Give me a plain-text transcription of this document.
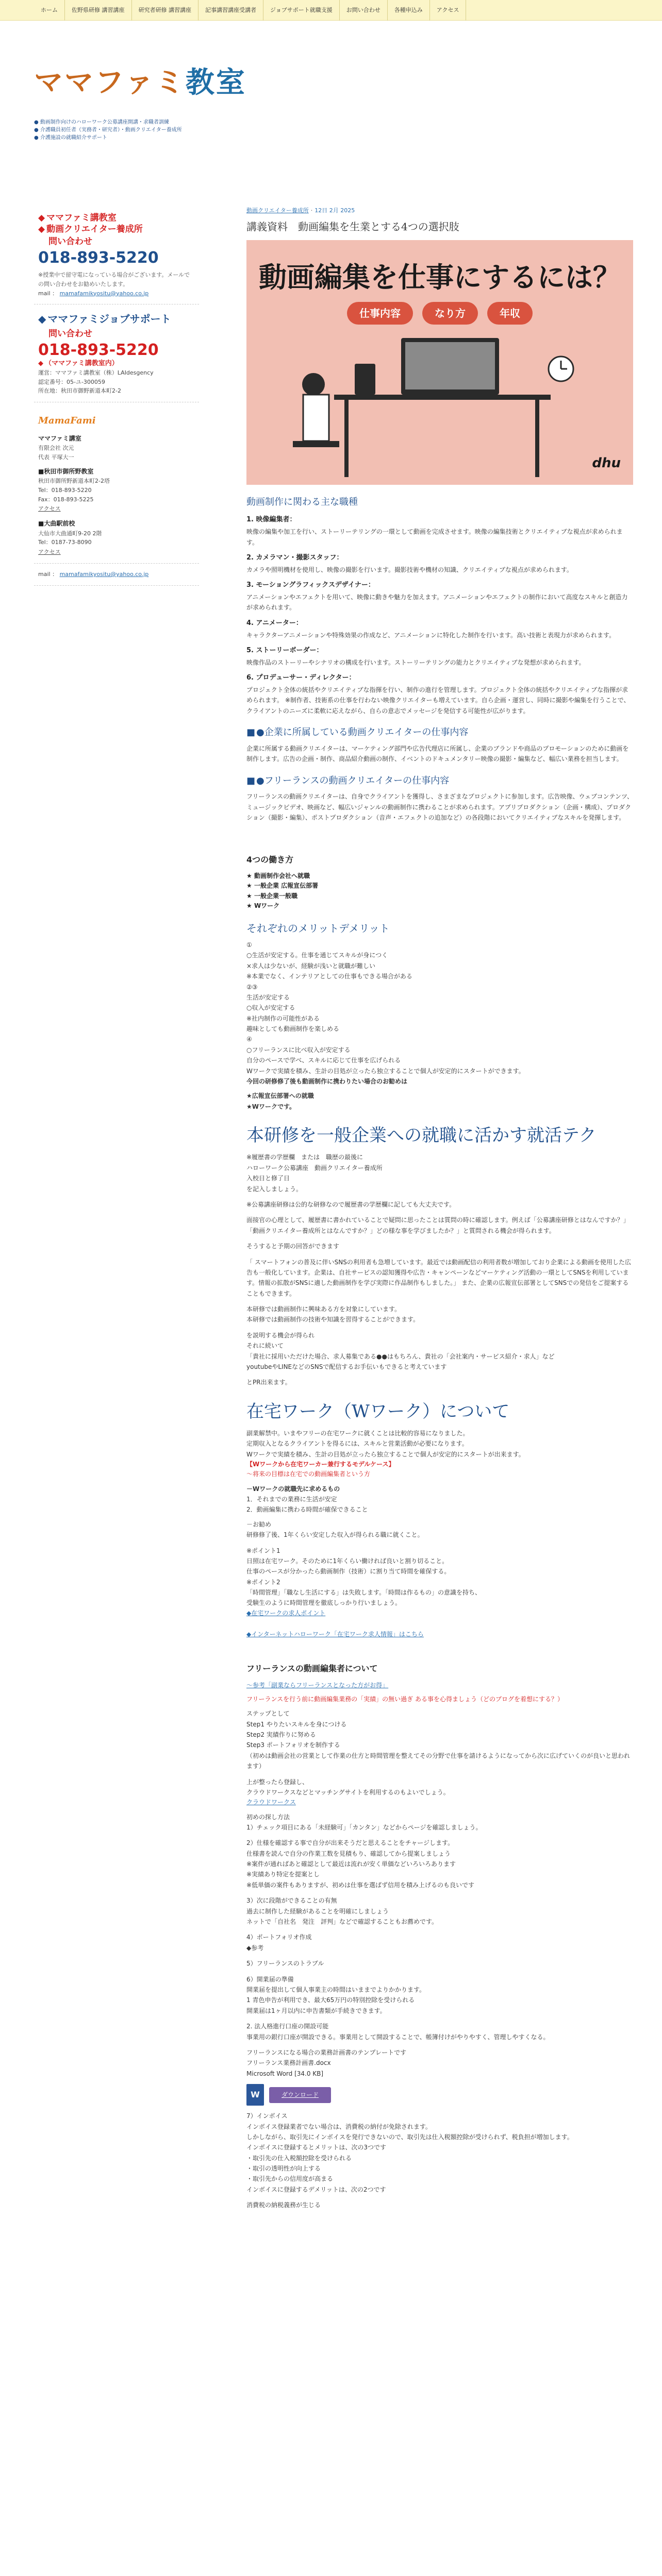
ホーム	佐野県研修 講習講座	研究者研修 講習講座	記事講習講座受講者	ジョブサポート就職支援	お問い合わせ	各種申込み	アクセス
ママファミ教室
● 動画制作向けのハローワーク公募講座開講・求職者訓練
● 介護職員初任者（実務者・研究者）・動画クリエイター養成所
● 介護施設の就職紹介サポート
◆ ママファミ講教室
◆ 動画クリエイター養成所
問い合わせ
018-893-5220
※授業中で留守電になっている場合がございます。メールでの問い合わせをお勧めいたします。
mail ： mamafamikyositu@yahoo.co.jp
◆ ママファミジョブサポート
問い合わせ
018-893-5220
◆ （ママファミ講教室内）
運営：ママファミ講教室（株）LAIdesgency
認定番号：05-ユ-300059
所在地：秋田市御野新道本町2-2
MamaFami
ママファミ講室
有限会社 次元
代表 平塚大一
■秋田市御所野教室
秋田市御所野新道本町2-2塔
Tel：018-893-5220
Fax：018-893-5225
アクセス
■大曲駅前校
大仙市大曲通町9-20 2階
Tel：0187-73-8090
アクセス
mail ： mamafamikyositu@yahoo.co.jp
動画クリエイター養成所 · 12日 2月 2025
講義資料　動画編集を生業とする4つの選択肢
動画編集を仕事にするには？
仕事内容	なり方	年収
dhu
動画制作に関わる主な職種
1. 映像編集者：
映像の編集や加工を行い、ストーリーテリングの一環として動画を完成させます。映像の編集技術とクリエイティブな視点が求められます。
2. カメラマン・撮影スタッフ：
カメラや照明機材を使用し、映像の撮影を行います。撮影技術や機材の知識、クリエイティブな視点が求められます。
3. モーショングラフィックスデザイナー：
アニメーションやエフェクトを用いて、映像に動きや魅力を加えます。アニメーションやエフェクトの制作において高度なスキルと創造力が求められます。
4. アニメーター：
キャラクターアニメーションや特殊効果の作成など、アニメーションに特化した制作を行います。高い技術と表現力が求められます。
5. ストーリーボーダー：
映像作品のストーリーやシナリオの構成を行います。ストーリーテリングの能力とクリエイティブな発想が求められます。
6. プロデューサー・ディレクター：
プロジェクト全体の統括やクリエイティブな指揮を行い、制作の進行を管理します。プロジェクト全体の統括やクリエイティブな指揮が求められます。 ※制作者、技術系の仕事を行わない映像クリエイターも増えています。自ら企画・運営し、同時に撮影や編集を行うことで、クライアントのニーズに柔軟に応えながら、自らの意志でメッセージを発信する可能性が広がります。
■ ●企業に所属している動画クリエイターの仕事内容
企業に所属する動画クリエイターは、マーケティング部門や広告代理店に所属し、企業のブランドや商品のプロモーションのために動画を制作します。広告の企画・制作、商品紹介動画の制作、イベントのドキュメンタリー映像の撮影・編集など、幅広い業務を担当します。
■ ●フリーランスの動画クリエイターの仕事内容
フリーランスの動画クリエイターは、自身でクライアントを獲得し、さまざまなプロジェクトに参加します。広告映像、ウェブコンテンツ、ミュージックビデオ、映画など、幅広いジャンルの動画制作に携わることが求められます。アプリプロダクション（企画・構成）、プロダクション（撮影・編集）、ポストプロダクション（音声・エフェクトの追加など）の各段階においてクリエイティブなスキルを発揮します。
4つの働き方
★ 動画制作会社へ就職
★ 一般企業 広報宣伝部署
★ 一般企業一般職
★ Wワーク
それぞれのメリットデメリット
①
○生活が安定する。仕事を通じてスキルが身につく
×求人は少ないが、経験が浅いと就職が難しい
※本業でなく、インテリアとしての仕事もできる場合がある
②③
生活が安定する
○収入が安定する
※社内制作の可能性がある
趣味としても動画制作を楽しめる
④
○フリーランスに比べ収入が安定する
自分のペースで学べ、スキルに応じて仕事を広げられる
Wワークで実績を積み、生計の目処が立ったら独立することで個人が安定的にスタートができます。
今回の研修修了後も動画制作に携わりたい場合のお勧めは
★広報宣伝部署への就職
★Wワークです。
本研修を一般企業への就職に活かす就活テク
※履歴書の学歴欄　または　職歴の最後に
ハローワーク公募講座　動画クリエイター養成所
入校日と修了日
を記入しましょう。
※公募講座研修は公的な研修なので履歴書の学歴欄に記しても大丈夫です。
面接官の心理として、履歴書に書かれていることで疑問に思ったことは質問の時に確認します。例えば「公募講座研修とはなんですか？」「動画クリエイター養成所とはなんですか？」どの様な事を学びましたか？」と質問される機会が得られます。
そうすると予期の回答ができます
「 スマートフォンの普及に伴いSNSの利用者も急増しています。最近では動画配信の利用者数が増加しており企業による動画を使用した広告も一般化しています。企業は、自社サービスの認知獲得や広告・キャンペーンなどマーケティング活動の一環としてSNSを利用しています。情報の拡散がSNSに適した動画制作を学び実際に作品制作もしました。」 また、企業の広報宣伝部署としてSNSでの発信をご提案することもできます。
本研修では動画制作に興味ある方を対象にしています。
本研修では動画制作の技術や知識を習得することができます。
を説明する機会が得られ
それに続いて
「貴社に採用いただけた場合、求人募集である●●はもちろん、貴社の「会社案内・サービス紹介・求人」など
youtubeやLINEなどのSNSで配信するお手伝いもできると考えています
とPR出来ます。
在宅ワーク（Wワーク）について
副業解禁中。いまやフリーの在宅ワークに就くことは比較的容易になりました。
定期収入となるクライアントを得るには、スキルと営業活動が必要になります。
Wワークで実績を積み、生計の目処が立ったら独立することで個人が安定的にスタートが出来ます。
【Wワークから在宅ワーカー兼行するモデルケース】
～将来の目標は在宅での動画編集者という方
－Wワークの就職先に求めるもの
1．それまでの業務に生活が安定
2．動画編集に携わる時間が確保できること
－お勧め
研修修了後、1年くらい安定した収入が得られる職に就くこと。
※ポイント1
日照は在宅ワーク。そのために1年くらい働ければ良いと割り切ること。
仕事のペースが分かったら動画制作（技術）に割り当て時間を確保する。
※ポイント2
「時間管理」「職なし生活にする」は失敗します。「時間は作るもの」の意識を持ち、
受験生のように時間管理を徹底しっかり行いましょう。
◆在宅ワークの求人ポイント
◆インターネットハローワーク「在宅ワーク求人情報」はこちら
フリーランスの動画編集者について
～参考「副業ならフリーランスとなった方がお得」
フリーランスを行う前に動画編集業務の「実績」の無い過ぎ ある事を心得ましょう（どのブログを着想にする？）
ステップとして
Step1 やりたいスキルを身につける
Step2 実績作りに努める
Step3 ポートフォリオを制作する
（初めは動画会社の営業として作業の仕方と時間管理を整えてその分野で仕事を請けるようになってから次に広げていくのが良いと思われます）
上が整ったら登録し、
クラウドワークスなどとマッチングサイトを利用するのもよいでしょう。
クラウドワークス
初めの探し方法
1）チェック項目にある「未経験可」「カンタン」などからページを確認しましょう。
2）仕様を確認する事で自分が出来そうだと思えることをチャージします。
仕様書を読んで自分の作業工数を見積もり、確認してから提案しましょう
※案件が通ればあと確認として最近は流れが安く単価などいろいろあります
※実績あり特定を提案とし
※低単価の案件もありますが、初めは仕事を選ばず信用を積み上げるのも良いです
3）次に段階ができることの有無
過去に制作した経験があることを明確にしましょう
ネットで「自社名　発注　評判」などで確認することもお薦めです。
4）ポートフォリオ作成
◆参考
5）フリーランスのトラブル
6）開業届の準備
開業届を提出して個人事業主の時間はいままでよりかかります。
1 青色申告が利用でき、最大65万円の特別控除を受けられる
開業届は1ヶ月以内に申告書類が手続きできます。
2. 法人格進行口座の開設可能
事業用の銀行口座が開設できる。事業用として開設することで、帳簿付けがやりやすく、管理しやすくなる。
フリーランスになる場合の業務計画書のテンプレートです
フリーランス業務計画書.docx
Microsoft Word [34.0 KB]
W	ダウンロード
7）インボイス
インボイス登録業者でない場合は、消費税の納付が免除されます。
しかしながら、取引先にインボイスを発行できないので、取引先は仕入税額控除が受けられず、税負担が増加します。
インボイスに登録するとメリットは、次の3つです
・取引先の仕入税額控除を受けられる
・取引の透明性が向上する
・取引先からの信用度が高まる
インボイスに登録するデメリットは、次の2つです
消費税の納税義務が生じる
